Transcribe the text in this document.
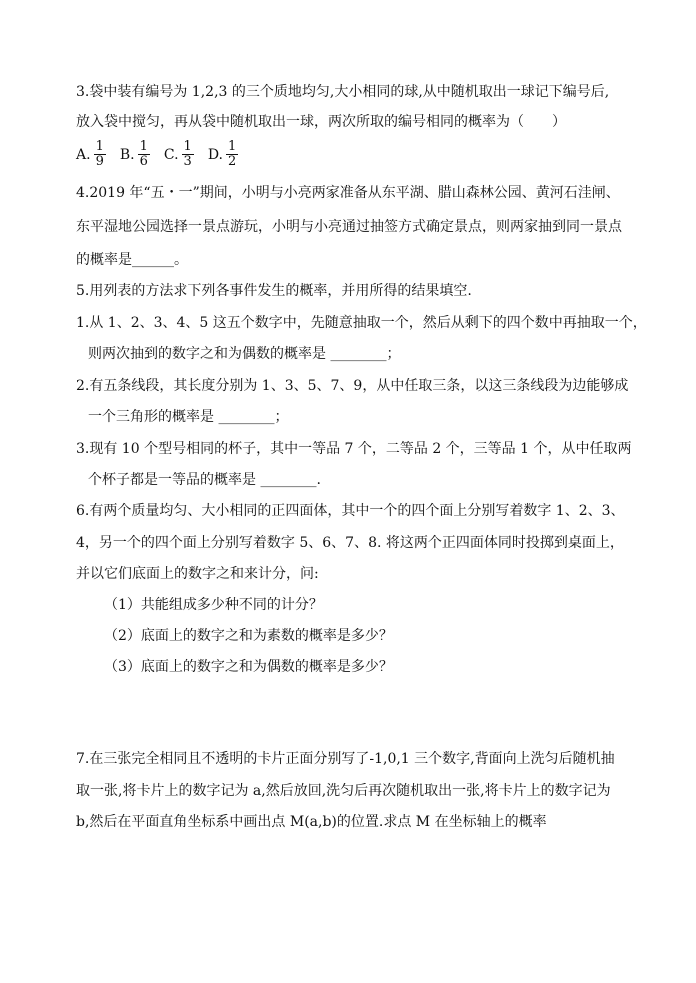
3.袋中装有编号为 1,2,3 的三个质地均匀,大小相同的球,从中随机取出一球记下编号后,
放入袋中搅匀，再从袋中随机取出一球，两次所取的编号相同的概率为（　　）
A. $\frac{1}{9} B$. $\frac{1}{6} C$. $\frac{1}{3} D$. $\frac{1}{2}$
4.2019 年“五・一”期间，小明与小亮两家准备从东平湖、腊山森林公园、黄河石洼闸、
东平湿地公园选择一景点游玩，小明与小亮通过抽签方式确定景点，则两家抽到同一景点
的概率是______。
5.用列表的方法求下列各事件发生的概率，并用所得的结果填空.
1.从 1、2、3、4、5 这五个数字中，先随意抽取一个，然后从剩下的四个数中再抽取一个，
则两次抽到的数字之和为偶数的概率是 ________；
2.有五条线段，其长度分别为 1、3、5、7、9，从中任取三条，以这三条线段为边能够成
一个三角形的概率是 ________；
3.现有 10 个型号相同的杯子，其中一等品 7 个，二等品 2 个，三等品 1 个，从中任取两
个杯子都是一等品的概率是 ________.
6.有两个质量均匀、大小相同的正四面体，其中一个的四个面上分别写着数字 1、2、3、
4，另一个的四个面上分别写着数字 5、6、7、8. 将这两个正四面体同时投掷到桌面上，
并以它们底面上的数字之和来计分，问:
（1）共能组成多少种不同的计分？
（2）底面上的数字之和为素数的概率是多少？
（3）底面上的数字之和为偶数的概率是多少？
7.在三张完全相同且不透明的卡片正面分别写了-1,0,1 三个数字,背面向上洗匀后随机抽
取一张,将卡片上的数字记为 a,然后放回,洗匀后再次随机取出一张,将卡片上的数字记为
b,然后在平面直角坐标系中画出点 M(a,b)的位置.求点 M 在坐标轴上的概率
